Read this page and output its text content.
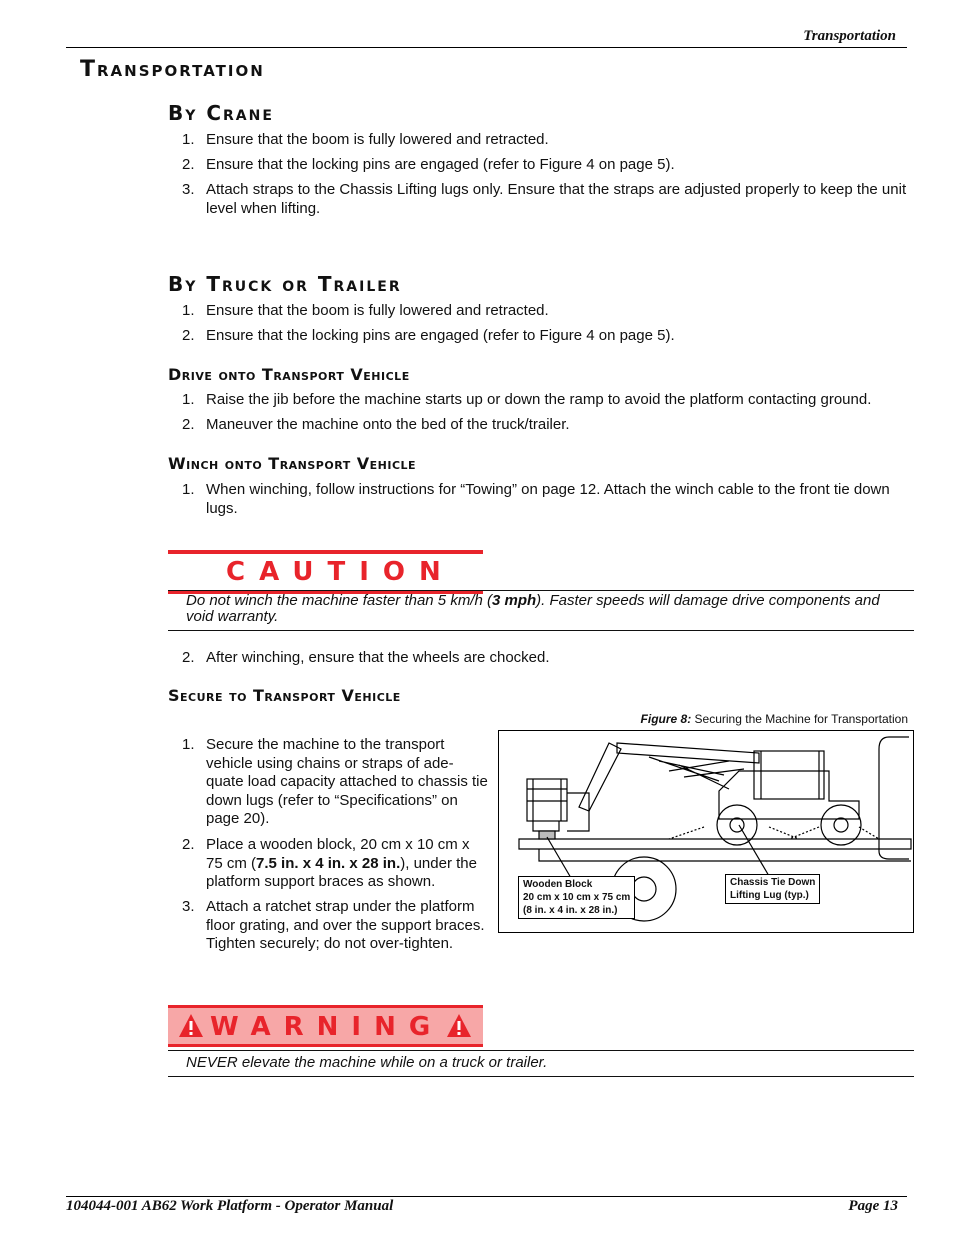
Transportation
Transportation
By Crane
1. Ensure that the boom is fully lowered and retracted.
2. Ensure that the locking pins are engaged (refer to Figure 4 on page 5).
3. Attach straps to the Chassis Lifting lugs only. Ensure that the straps are adjusted properly to keep the unit level when lifting.
By Truck or Trailer
1. Ensure that the boom is fully lowered and retracted.
2. Ensure that the locking pins are engaged (refer to Figure 4 on page 5).
Drive onto Transport Vehicle
1. Raise the jib before the machine starts up or down the ramp to avoid the platform contacting ground.
2. Maneuver the machine onto the bed of the truck/trailer.
Winch onto Transport Vehicle
1. When winching, follow instructions for “Towing” on page 12. Attach the winch cable to the front tie down lugs.
CAUTION
Do not winch the machine faster than 5 km/h (3 mph). Faster speeds will damage drive components and void warranty.
2. After winching, ensure that the wheels are chocked.
Secure to Transport Vehicle
Figure 8: Securing the Machine for Transportation
1. Secure the machine to the transport vehicle using chains or straps of ade-quate load capacity attached to chassis tie down lugs (refer to “Specifications” on page 20).
2. Place a wooden block, 20 cm x 10 cm x 75 cm (7.5 in. x 4 in. x 28 in.), under the platform support braces as shown.
3. Attach a ratchet strap under the platform floor grating, and over the support braces. Tighten securely; do not over-tighten.
Wooden Block
20 cm x 10 cm x 75 cm
(8 in. x 4 in. x 28 in.)
Chassis Tie Down
Lifting Lug (typ.)
WARNING
NEVER elevate the machine while on a truck or trailer.
104044-001 AB62 Work Platform - Operator Manual	Page 13
